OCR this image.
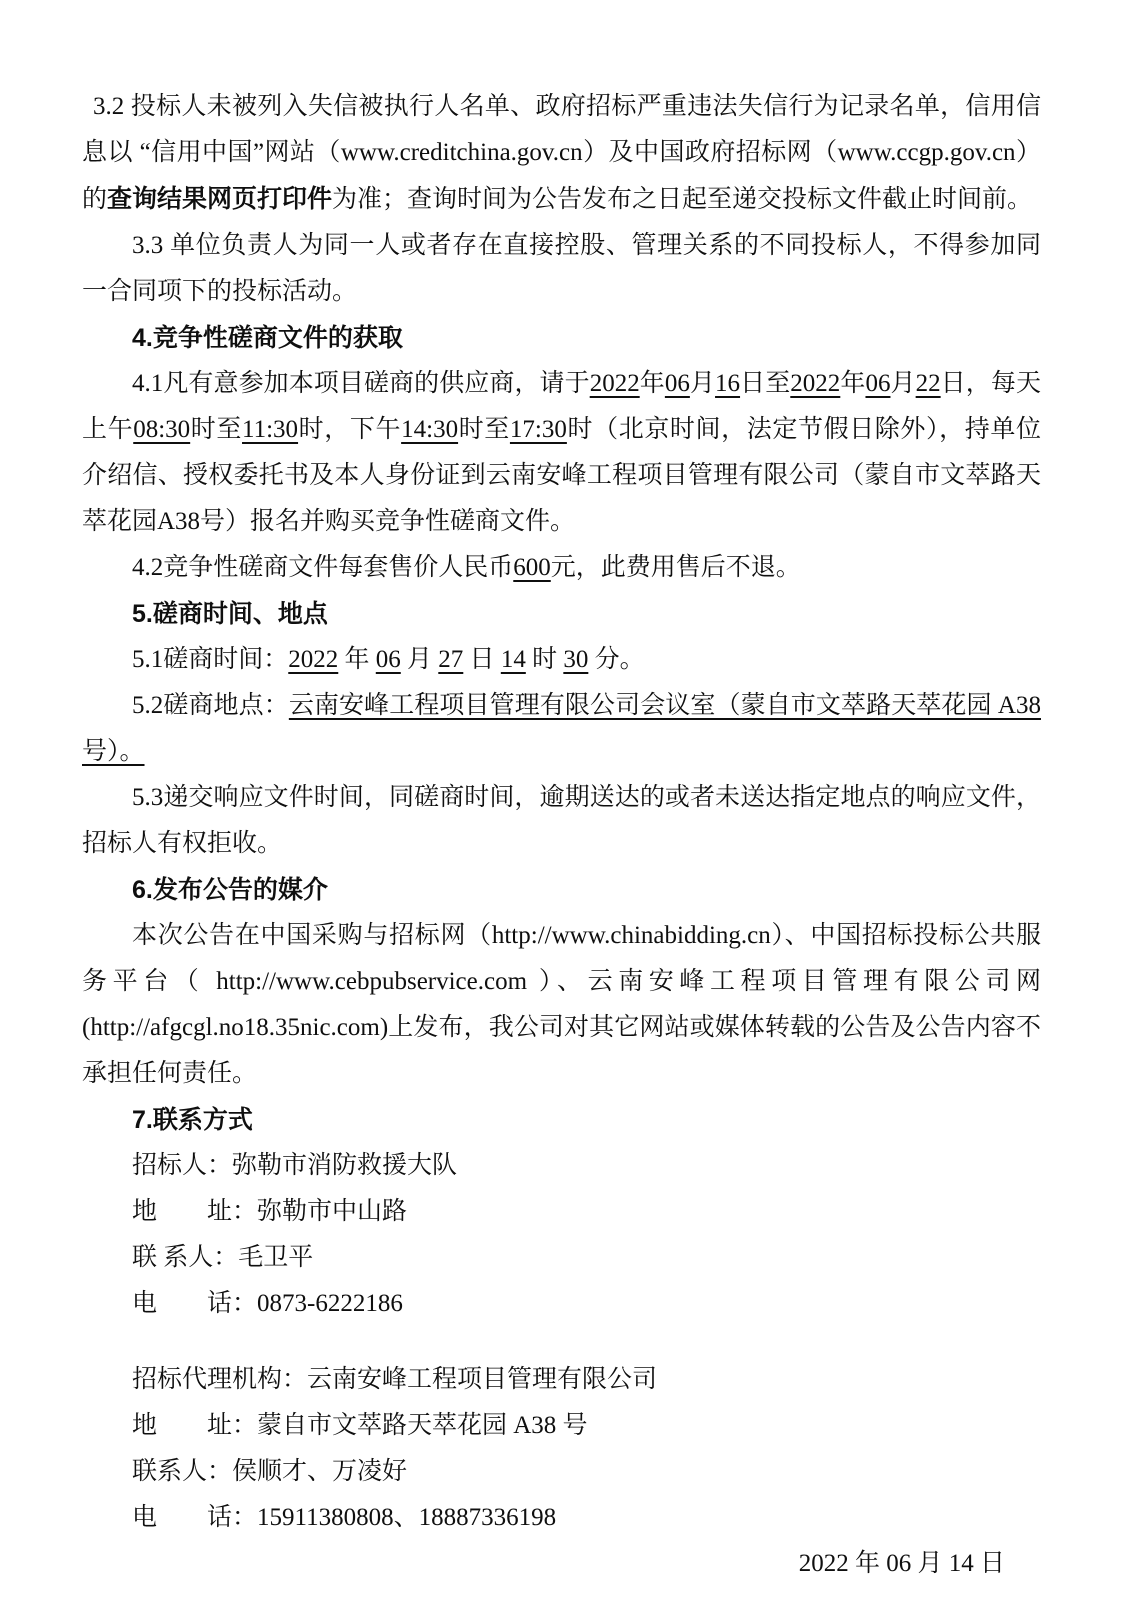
3.2 投标人未被列入失信被执行人名单、政府招标严重违法失信行为记录名单，信用信息以 “信用中国”网站（www.creditchina.gov.cn）及中国政府招标网（www.ccgp.gov.cn）的查询结果网页打印件为准；查询时间为公告发布之日起至递交投标文件截止时间前。

3.3 单位负责人为同一人或者存在直接控股、管理关系的不同投标人，不得参加同一合同项下的投标活动。

4.竞争性磋商文件的获取

4.1凡有意参加本项目磋商的供应商，请于2022年06月16日至2022年06月22日，每天上午08:30时至11:30时，下午14:30时至17:30时（北京时间，法定节假日除外），持单位介绍信、授权委托书及本人身份证到云南安峰工程项目管理有限公司（蒙自市文萃路天萃花园A38号）报名并购买竞争性磋商文件。

4.2竞争性磋商文件每套售价人民币600元，此费用售后不退。

5.磋商时间、地点

5.1磋商时间：2022 年 06 月 27 日 14 时 30 分。

5.2磋商地点：云南安峰工程项目管理有限公司会议室（蒙自市文萃路天萃花园 A38 号）。

5.3递交响应文件时间，同磋商时间，逾期送达的或者未送达指定地点的响应文件，招标人有权拒收。

6.发布公告的媒介

本次公告在中国采购与招标网（http://www.chinabidding.cn）、中国招标投标公共服务平台（ http://www.cebpubservice.com ）、云南安峰工程项目管理有限公司网(http://afgcgl.no18.35nic.com)上发布，我公司对其它网站或媒体转载的公告及公告内容不承担任何责任。

7.联系方式

招标人：弥勒市消防救援大队

地　　址：弥勒市中山路

联 系人：毛卫平

电　　话：0873-6222186

招标代理机构：云南安峰工程项目管理有限公司

地　　址：蒙自市文萃路天萃花园 A38 号

联系人：侯顺才、万凌好

电　　话：15911380808、18887336198

2022 年 06 月 14 日
